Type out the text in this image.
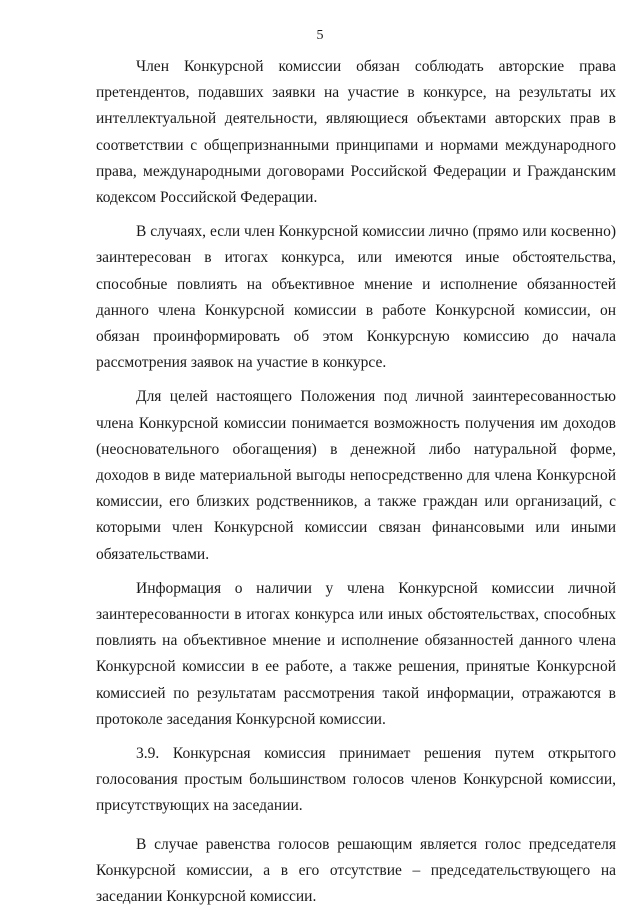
5

Член Конкурсной комиссии обязан соблюдать авторские права претендентов, подавших заявки на участие в конкурсе, на результаты их интеллектуальной деятельности, являющиеся объектами авторских прав в соответствии с общепризнанными принципами и нормами международного права, международными договорами Российской Федерации и Гражданским кодексом Российской Федерации.

В случаях, если член Конкурсной комиссии лично (прямо или косвенно) заинтересован в итогах конкурса, или имеются иные обстоятельства, способные повлиять на объективное мнение и исполнение обязанностей данного члена Конкурсной комиссии в работе Конкурсной комиссии, он обязан проинформировать об этом Конкурсную комиссию до начала рассмотрения заявок на участие в конкурсе.

Для целей настоящего Положения под личной заинтересованностью члена Конкурсной комиссии понимается возможность получения им доходов (неосновательного обогащения) в денежной либо натуральной форме, доходов в виде материальной выгоды непосредственно для члена Конкурсной комиссии, его близких родственников, а также граждан или организаций, с которыми член Конкурсной комиссии связан финансовыми или иными обязательствами.

Информация о наличии у члена Конкурсной комиссии личной заинтересованности в итогах конкурса или иных обстоятельствах, способных повлиять на объективное мнение и исполнение обязанностей данного члена Конкурсной комиссии в ее работе, а также решения, принятые Конкурсной комиссией по результатам рассмотрения такой информации, отражаются в протоколе заседания Конкурсной комиссии.

3.9. Конкурсная комиссия принимает решения путем открытого голосования простым большинством голосов членов Конкурсной комиссии, присутствующих на заседании.

В случае равенства голосов решающим является голос председателя Конкурсной комиссии, а в его отсутствие – председательствующего на заседании Конкурсной комиссии.
